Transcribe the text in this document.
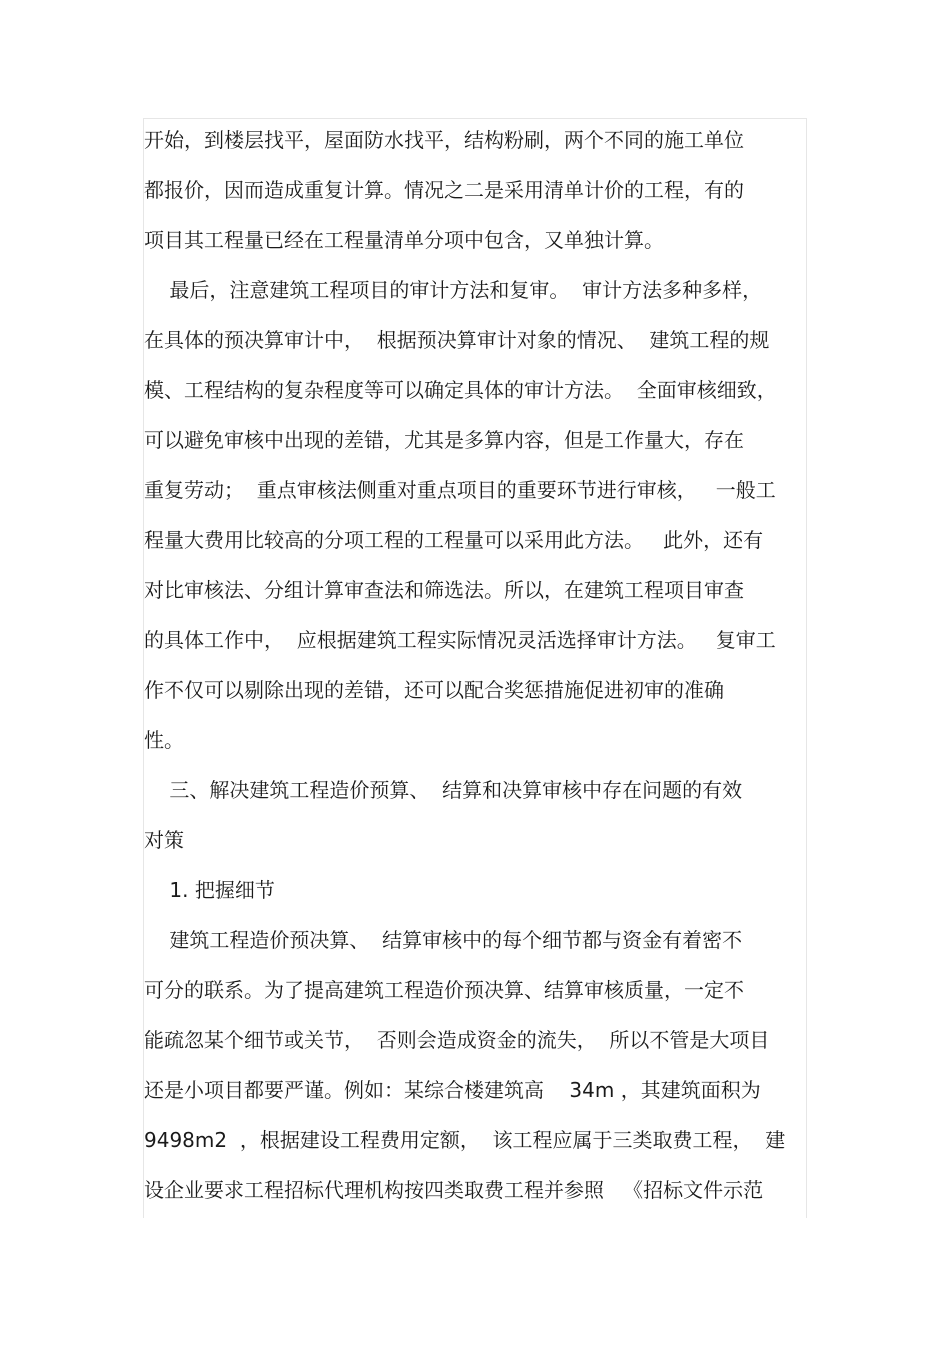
开始，到楼层找平，屋面防水找平，结构粉刷，两个不同的施工单位
都报价，因而造成重复计算。情况之二是采用清单计价的工程，有的
项目其工程量已经在工程量清单分项中包含，又单独计算。
最后，注意建筑工程项目的审计方法和复审。  审计方法多种多样，
在具体的预决算审计中，  根据预决算审计对象的情况、  建筑工程的规
模、工程结构的复杂程度等可以确定具体的审计方法。  全面审核细致，
可以避免审核中出现的差错，尤其是多算内容，但是工作量大，存在
重复劳动；  重点审核法侧重对重点项目的重要环节进行审核，   一般工
程量大费用比较高的分项工程的工程量可以采用此方法。   此外，还有
对比审核法、分组计算审查法和筛选法。所以，在建筑工程项目审查
的具体工作中，  应根据建筑工程实际情况灵活选择审计方法。   复审工
作不仅可以剔除出现的差错，还可以配合奖惩措施促进初审的准确
性。
三、解决建筑工程造价预算、  结算和决算审核中存在问题的有效
对策
1. 把握细节
建筑工程造价预决算、  结算审核中的每个细节都与资金有着密不
可分的联系。为了提高建筑工程造价预决算、结算审核质量，一定不
能疏忽某个细节或关节，  否则会造成资金的流失，  所以不管是大项目
还是小项目都要严谨。例如：某综合楼建筑高    34m ，其建筑面积为
9498m2  ，根据建设工程费用定额，  该工程应属于三类取费工程，  建
设企业要求工程招标代理机构按四类取费工程并参照   《招标文件示范
